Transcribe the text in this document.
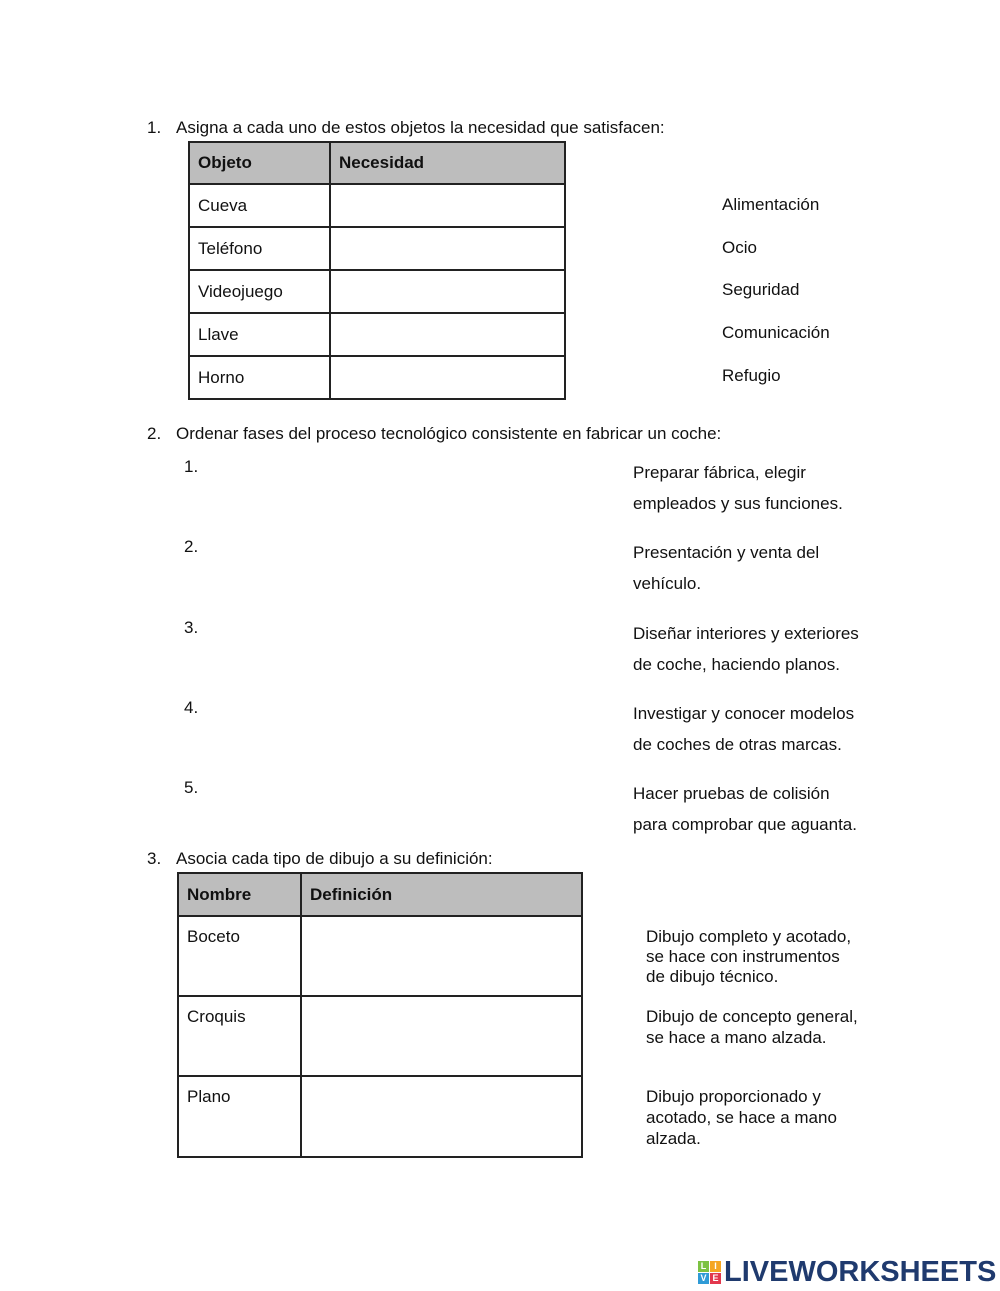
1. Asigna a cada uno de estos objetos la necesidad que satisfacen:
Objeto	Necesidad
Cueva	
Teléfono	
Videojuego	
Llave	
Horno	
Alimentación
Ocio
Seguridad
Comunicación
Refugio
2. Ordenar fases del proceso tecnológico consistente en fabricar un coche:
1.
2.
3.
4.
5.
Preparar fábrica, elegir
empleados y sus funciones.
Presentación y venta del
vehículo.
Diseñar interiores y exteriores
de coche, haciendo planos.
Investigar y conocer modelos
de coches de otras marcas.
Hacer pruebas de colisión
para comprobar que aguanta.
3. Asocia cada tipo de dibujo a su definición:
Nombre	Definición
Boceto	
Croquis	
Plano	
Dibujo completo y acotado,
se hace con instrumentos
de dibujo técnico.
Dibujo de concepto general,
se hace a mano alzada.
Dibujo proporcionado y
acotado, se hace a mano
alzada.
L I
V E LIVEWORKSHEETS
